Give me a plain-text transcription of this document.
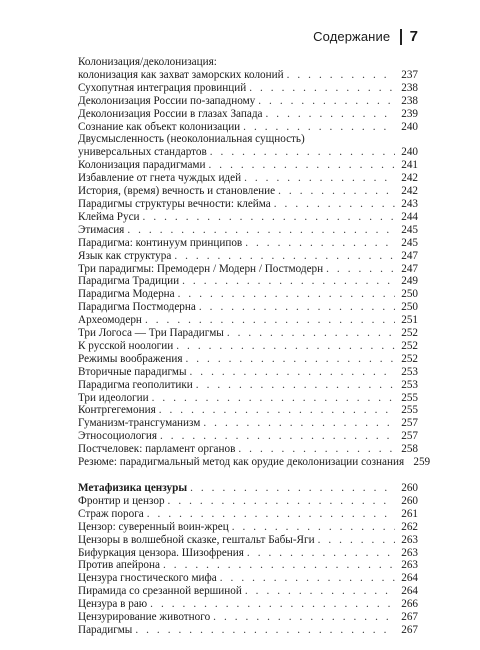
Содержание 7
Колонизация/деколонизация:
колонизация как захват заморских колоний . . .	237
Сухопутная интеграция провинций . . .	238
Деколонизация России по-западному . . .	238
Деколонизация России в глазах Запада . . .	239
Сознание как объект колонизации . . .	240
Двусмысленность (неоколониальная сущность)
универсальных стандартов . . .	240
Колонизация парадигмами . . .	241
Избавление от гнета чуждых идей . . .	242
История, (время) вечность и становление . . .	242
Парадигмы структуры вечности: клейма . . .	243
Клейма Руси . . .	244
Этимасия . . .	245
Парадигма: континуум принципов . . .	245
Язык как структура . . .	247
Три парадигмы: Премодерн / Модерн / Постмодерн . . .	247
Парадигма Традиции . . .	249
Парадигма Модерна . . .	250
Парадигма Постмодерна . . .	250
Археомодерн . . .	251
Три Логоса — Три Парадигмы . . .	252
К русской ноологии . . .	252
Режимы воображения . . .	252
Вторичные парадигмы . . .	253
Парадигма геополитики . . .	253
Три идеологии . . .	255
Контргегемония . . .	255
Гуманизм-трансгуманизм . . .	257
Этносоциология . . .	257
Постчеловек: парламент органов . . .	258
Резюме: парадигмальный метод как орудие деколонизации сознания 259
Метафизика цензуры . . .	260
Фронтир и цензор . . .	260
Страж порога . . .	261
Цензор: суверенный воин-жрец . . .	262
Цензоры в волшебной сказке, гештальт Бабы-Яги . . .	263
Бифуркация цензора. Шизофрения . . .	263
Против апейрона . . .	263
Цензура гностического мифа . . .	264
Пирамида со срезанной вершиной . . .	264
Цензура в раю . . .	266
Цензурирование животного . . .	267
Парадигмы . . .	267
